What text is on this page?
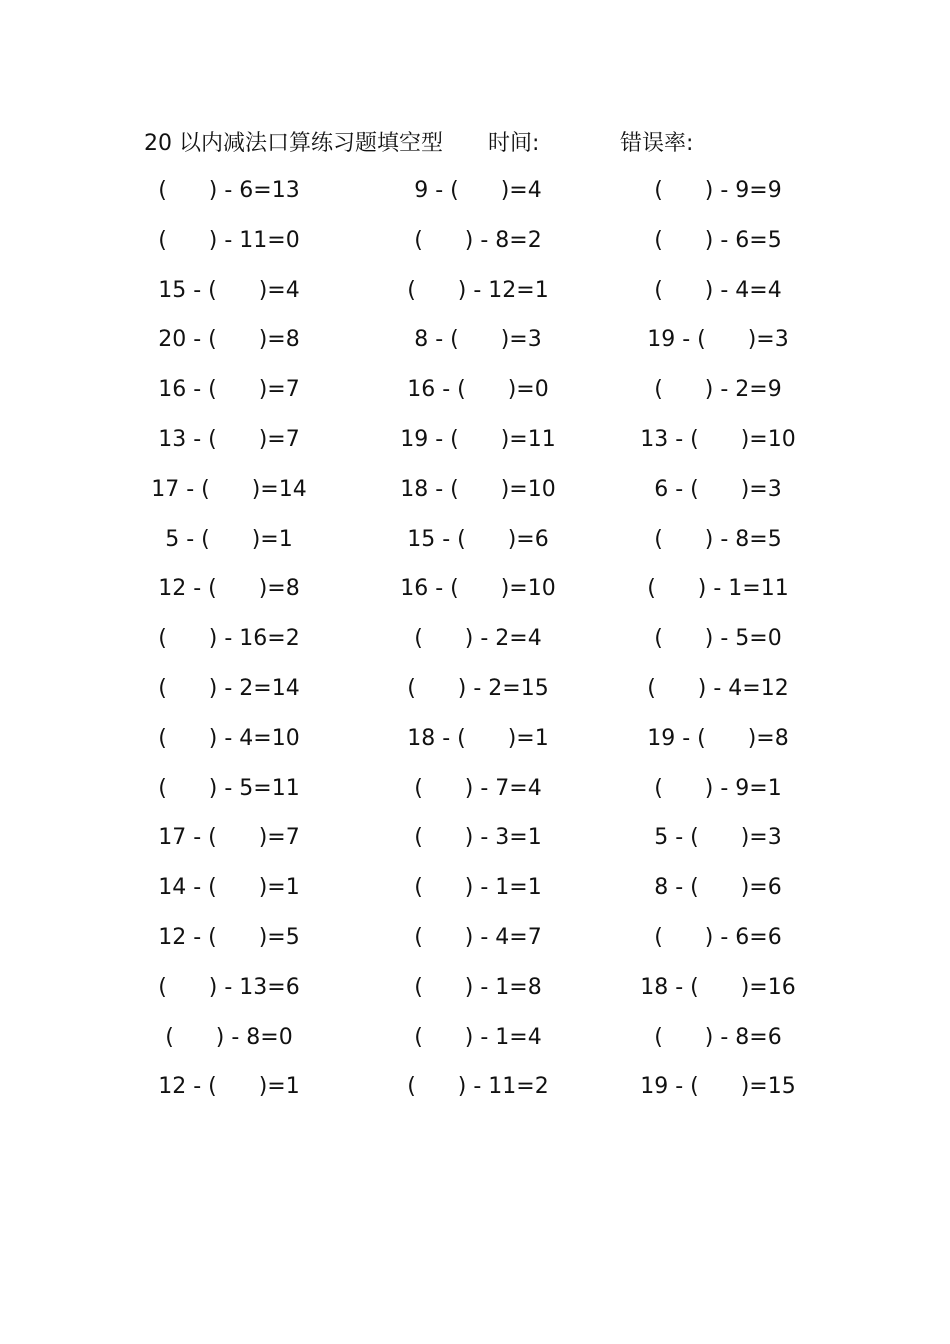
20 以内减法口算练习题填空型 时间:	错误率:
(      ) - 6=13	9 - (      )=4	(      ) - 9=9
(      ) - 11=0	(      ) - 8=2	(      ) - 6=5
15 - (      )=4	(      ) - 12=1	(      ) - 4=4
20 - (      )=8	8 - (      )=3	19 - (      )=3
16 - (      )=7	16 - (      )=0	(      ) - 2=9
13 - (      )=7	19 - (      )=11	13 - (      )=10
17 - (      )=14	18 - (      )=10	6 - (      )=3
5 - (      )=1	15 - (      )=6	(      ) - 8=5
12 - (      )=8	16 - (      )=10	(      ) - 1=11
(      ) - 16=2	(      ) - 2=4	(      ) - 5=0
(      ) - 2=14	(      ) - 2=15	(      ) - 4=12
(      ) - 4=10	18 - (      )=1	19 - (      )=8
(      ) - 5=11	(      ) - 7=4	(      ) - 9=1
17 - (      )=7	(      ) - 3=1	5 - (      )=3
14 - (      )=1	(      ) - 1=1	8 - (      )=6
12 - (      )=5	(      ) - 4=7	(      ) - 6=6
(      ) - 13=6	(      ) - 1=8	18 - (      )=16
(      ) - 8=0	(      ) - 1=4	(      ) - 8=6
12 - (      )=1	(      ) - 11=2	19 - (      )=15
